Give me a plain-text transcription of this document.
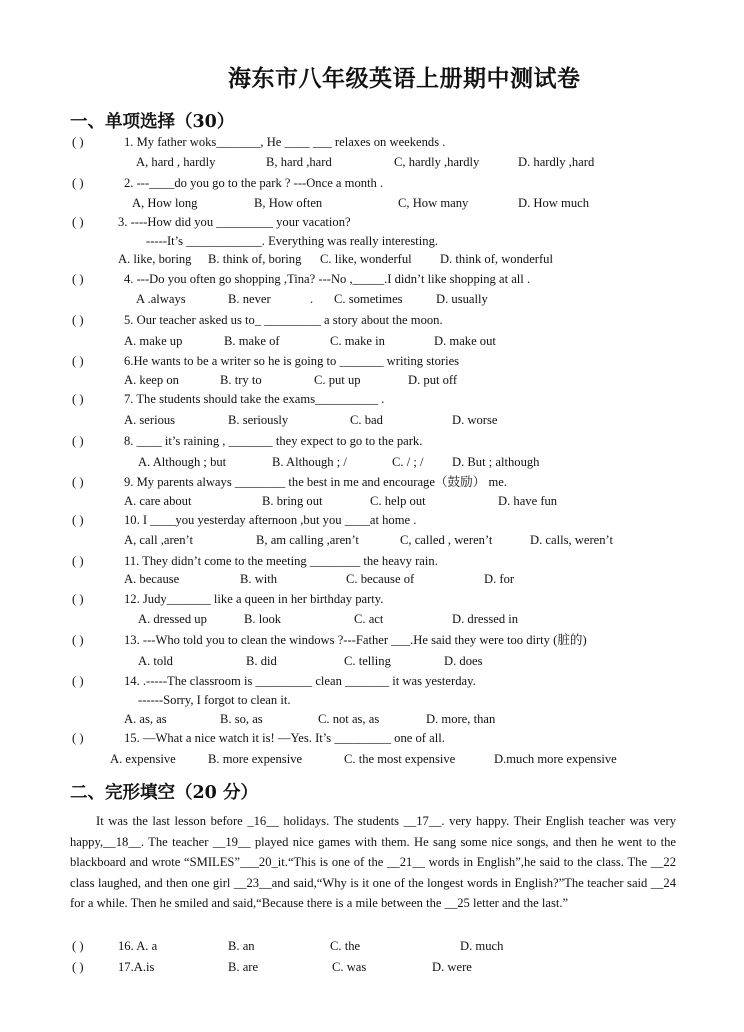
海东市八年级英语上册期中测试卷
一、单项选择（30）
( )	1. My father woks_______, He ____ ___ relaxes on weekends .
A, hard , hardly	B, hard ,hard	C, hardly ,hardly	D. hardly ,hard
( )	2. ---____do you go to the park ? ---Once a month .
A, How long	B, How often	C, How many	D. How much
( )	3. ----How did you _________ your vacation?
-----It’s ____________. Everything was really interesting.
A. like, boring B. think of, boring C. like, wonderful D. think of, wonderful
( )	4. ---Do you often go shopping ,Tina? ---No ,_____.I didn’t like shopping at all .
A .always	B. never	. C. sometimes	D. usually
( )	5. Our teacher asked us to_ _________ a story about the moon.
A. make up	B. make of	C. make in	D. make out
( )	6.He wants to be a writer so he is going to _______ writing stories
A. keep on	B. try to	C. put up	D. put off
( )	7. The students should take the exams__________ .
A. serious	B. seriously	C. bad	D. worse
( )	8. ____ it’s raining , _______ they expect to go to the park.
A. Although ; but	B. Although ; /	C. / ; / D. But ; although
( )	9. My parents always ________ the best in me and encourage（鼓励） me.
A. care about	B. bring out	C. help out	D. have fun
( )	10. I ____you yesterday afternoon ,but you ____at home .
A, call ,aren’t	B, am calling ,aren’t	C, called , weren’t	D. calls, weren’t
( )	11. They didn’t come to the meeting ________ the heavy rain.
A. because	B. with	C. because of	D. for
( )	12. Judy_______ like a queen in her birthday party.
A. dressed up	B. look	C. act	D. dressed in
( )	13. ---Who told you to clean the windows ?---Father ___.He said they were too dirty (脏的)
A. told	B. did	C. telling	D. does
( )	14. .-----The classroom is _________ clean _______ it was yesterday.
------Sorry, I forgot to clean it.
A. as, as	B. so, as	C. not as, as	D. more, than
( )	15. —What a nice watch it is! —Yes. It’s _________ one of all.
A. expensive	B. more expensive	C. the most expensive	D.much more expensive
二、完形填空（20 分）
It was the last lesson before _16__ holidays. The students __17__. very happy. Their English teacher was very happy,__18__. The teacher __19__ played nice games with them. He sang some nice songs, and then he went to the blackboard and wrote “SMILES”___20_it.“This is one of the __21__ words in English”,he said to the class. The __22 class laughed, and then one girl __23__and said,“Why is it one of the longest words in English?”The teacher said __24 for a while. Then he smiled and said,“Because there is a mile between the __25 letter and the last.”
( )	16. A. a	B. an	C. the	D. much
( )	17.A.is	B. are	C. was	D. were
